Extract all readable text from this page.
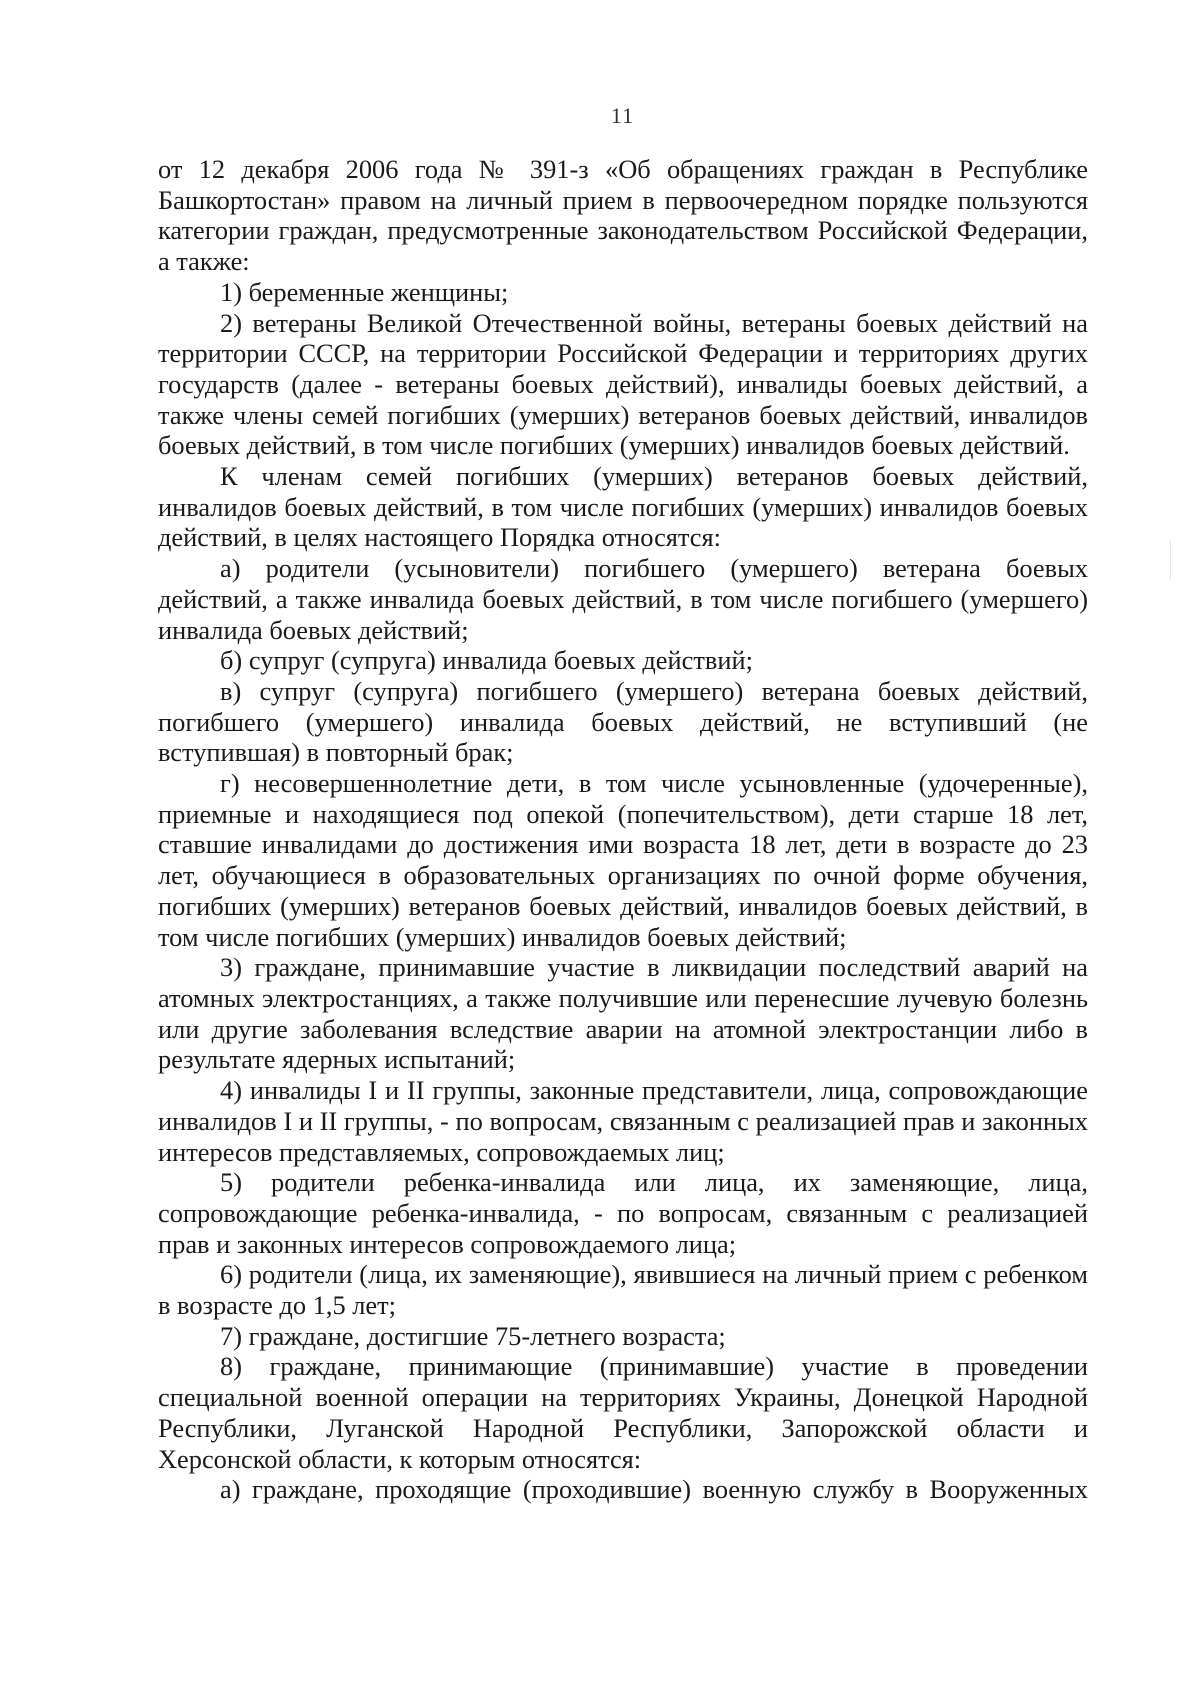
11

от 12 декабря 2006 года № 391-з «Об обращениях граждан в Республике Башкортостан» правом на личный прием в первоочередном порядке пользуются категории граждан, предусмотренные законодательством Российской Федерации, а также:

1) беременные женщины;

2) ветераны Великой Отечественной войны, ветераны боевых действий на территории СССР, на территории Российской Федерации и территориях других государств (далее - ветераны боевых действий), инвалиды боевых действий, а также члены семей погибших (умерших) ветеранов боевых действий, инвалидов боевых действий, в том числе погибших (умерших) инвалидов боевых действий.

К членам семей погибших (умерших) ветеранов боевых действий, инвалидов боевых действий, в том числе погибших (умерших) инвалидов боевых действий, в целях настоящего Порядка относятся:

а) родители (усыновители) погибшего (умершего) ветерана боевых действий, а также инвалида боевых действий, в том числе погибшего (умершего) инвалида боевых действий;

б) супруг (супруга) инвалида боевых действий;

в) супруг (супруга) погибшего (умершего) ветерана боевых действий, погибшего (умершего) инвалида боевых действий, не вступивший (не вступившая) в повторный брак;

г) несовершеннолетние дети, в том числе усыновленные (удочеренные), приемные и находящиеся под опекой (попечительством), дети старше 18 лет, ставшие инвалидами до достижения ими возраста 18 лет, дети в возрасте до 23 лет, обучающиеся в образовательных организациях по очной форме обучения, погибших (умерших) ветеранов боевых действий, инвалидов боевых действий, в том числе погибших (умерших) инвалидов боевых действий;

3) граждане, принимавшие участие в ликвидации последствий аварий на атомных электростанциях, а также получившие или перенесшие лучевую болезнь или другие заболевания вследствие аварии на атомной электростанции либо в результате ядерных испытаний;

4) инвалиды I и II группы, законные представители, лица, сопровождающие инвалидов I и II группы, - по вопросам, связанным с реализацией прав и законных интересов представляемых, сопровождаемых лиц;

5) родители ребенка-инвалида или лица, их заменяющие, лица, сопровождающие ребенка-инвалида, - по вопросам, связанным с реализацией прав и законных интересов сопровождаемого лица;

6) родители (лица, их заменяющие), явившиеся на личный прием с ребенком в возрасте до 1,5 лет;

7) граждане, достигшие 75-летнего возраста;

8) граждане, принимающие (принимавшие) участие в проведении специальной военной операции на территориях Украины, Донецкой Народной Республики, Луганской Народной Республики, Запорожской области и Херсонской области, к которым относятся:

а) граждане, проходящие (проходившие) военную службу в Вооруженных
